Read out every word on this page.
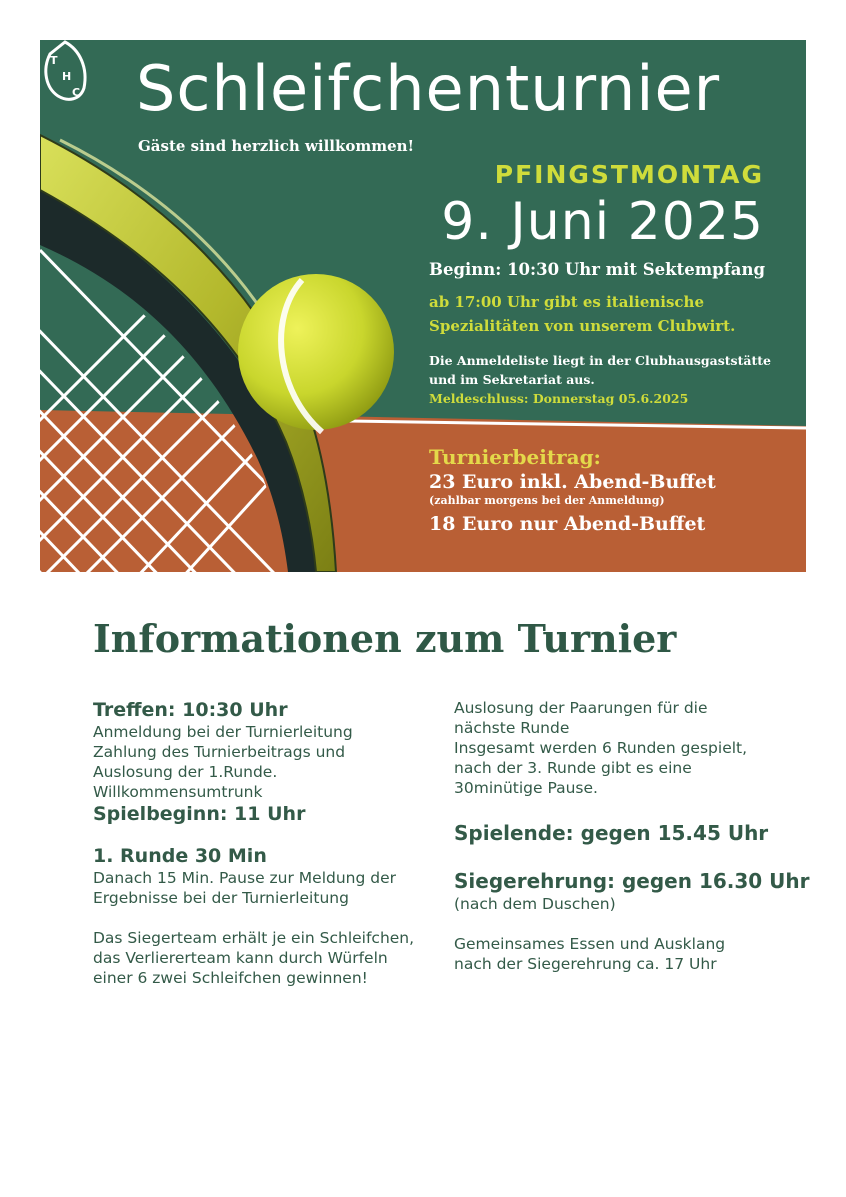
T
H
C Schleifchenturnier
Gäste sind herzlich willkommen!
PFINGSTMONTAG
9. Juni 2025
Beginn: 10:30 Uhr mit Sektempfang
ab 17:00 Uhr gibt es italienische
Spezialitäten von unserem Clubwirt.
Die Anmeldeliste liegt in der Clubhausgaststätte
und im Sekretariat aus.
Meldeschluss: Donnerstag 05.6.2025
Turnierbeitrag:
23 Euro inkl. Abend-Buffet
(zahlbar morgens bei der Anmeldung)
18 Euro nur Abend-Buffet
Informationen zum Turnier
Treffen: 10:30 Uhr
Anmeldung bei der Turnierleitung
Zahlung des Turnierbeitrags und
Auslosung der 1.Runde.
Willkommensumtrunk
Spielbeginn: 11 Uhr
1. Runde 30 Min
Danach 15 Min. Pause zur Meldung der
Ergebnisse bei der Turnierleitung
Das Siegerteam erhält je ein Schleifchen,
das Verliererteam kann durch Würfeln
einer 6 zwei Schleifchen gewinnen!
Auslosung der Paarungen für die
nächste Runde
Insgesamt werden 6 Runden gespielt,
nach der 3. Runde gibt es eine
30minütige Pause.
Spielende: gegen 15.45 Uhr
Siegerehrung: gegen 16.30 Uhr
(nach dem Duschen)
Gemeinsames Essen und Ausklang
nach der Siegerehrung ca. 17 Uhr
